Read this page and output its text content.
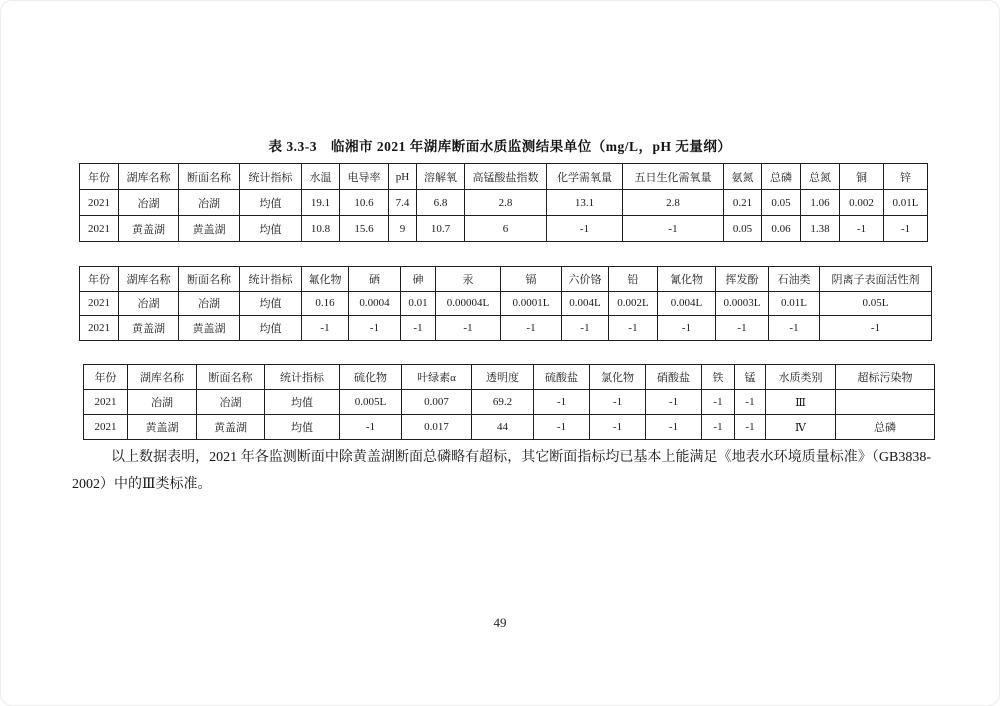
表 3.3-3　临湘市 2021 年湖库断面水质监测结果单位（mg/L，pH 无量纲）
年份	湖库名称	断面名称	统计指标	水温	电导率	pH	溶解氧	高锰酸盐指数	化学需氧量	五日生化需氧量	氨氮	总磷	总氮	铜	锌
2021	冶湖	冶湖	均值	19.1	10.6	7.4	6.8	2.8	13.1	2.8	0.21	0.05	1.06	0.002	0.01L
2021	黄盖湖	黄盖湖	均值	10.8	15.6	9	10.7	6	-1	-1	0.05	0.06	1.38	-1	-1
年份	湖库名称	断面名称	统计指标	氟化物	硒	砷	汞	镉	六价铬	铅	氰化物	挥发酚	石油类	阴离子表面活性剂
2021	冶湖	冶湖	均值	0.16	0.0004	0.01	0.00004L	0.0001L	0.004L	0.002L	0.004L	0.0003L	0.01L	0.05L
2021	黄盖湖	黄盖湖	均值	-1	-1	-1	-1	-1	-1	-1	-1	-1	-1	-1
年份	湖库名称	断面名称	统计指标	硫化物	叶绿素α	透明度	硫酸盐	氯化物	硝酸盐	铁	锰	水质类别	超标污染物
2021	冶湖	冶湖	均值	0.005L	0.007	69.2	-1	-1	-1	-1	-1	Ⅲ	
2021	黄盖湖	黄盖湖	均值	-1	0.017	44	-1	-1	-1	-1	-1	Ⅳ	总磷
以上数据表明，2021 年各监测断面中除黄盖湖断面总磷略有超标，其它断面指标均已基本上能满足《地表水环境质量标准》（GB3838-2002）中的Ⅲ类标准。
49
